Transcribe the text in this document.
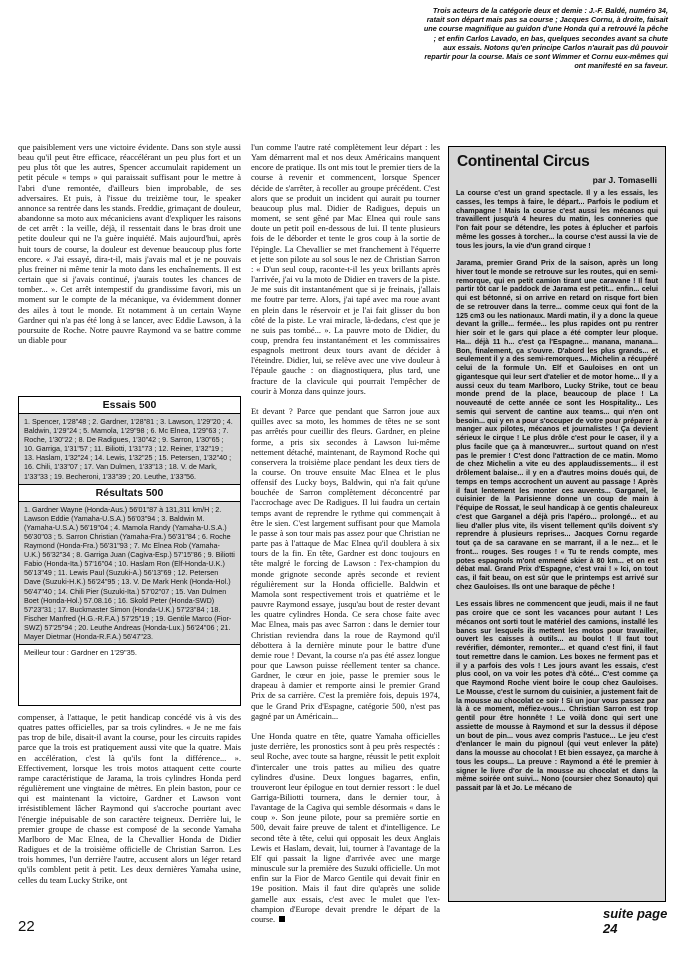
Trois acteurs de la catégorie deux et demie : J.-F. Baldé, numéro 34, ratait son départ mais pas sa course ; Jacques Cornu, à droite, faisait une course magnifique au guidon d'une Honda qui a retrouvé la pêche ; et enfin Carlos Lavado, en bas, quelques secondes avant sa chute aux essais. Notons qu'en principe Carlos n'aurait pas dû pouvoir repartir pour la course. Mais ce sont Wimmer et Cornu eux-mêmes qui ont manifesté en sa faveur.

que paisiblement vers une victoire évidente. Dans son style aussi beau qu'il peut être efficace, réaccélérant un peu plus fort et un peu plus tôt que les autres, Spencer accumulait rapidement un petit pécule « temps » qui paraissait suffisant pour le mettre à l'abri d'une remontée, d'ailleurs bien improbable, de ses adversaires. Et puis, à l'issue du treizième tour, le speaker annonce sa rentrée dans les stands. Freddie, grimaçant de douleur, abandonne sa moto aux mécaniciens avant d'expliquer les raisons de cet arrêt : la veille, déjà, il ressentait dans le bras droit une petite douleur qui ne l'a guère inquiété. Mais aujourd'hui, après huit tours de course, la douleur est devenue beaucoup plus forte encore. « J'ai essayé, dira-t-il, mais j'avais mal et je ne pouvais plus freiner ni même tenir la moto dans les enchaînements. Il est certain que si j'avais continué, j'aurais toutes les chances de tomber... ». Cet arrêt intempestif du grandissime favori, mis un moment sur le compte de la mécanique, va évidemment donner des ailes à tout le monde. Et notamment à un certain Wayne Gardner qui n'a pas été long à se lancer, avec Eddie Lawson, à la poursuite de Roche. Notre pauvre Raymond va se battre comme un diable pour

Essais 500
1. Spencer, 1'28"48 ; 2. Gardner, 1'28"81 ; 3. Lawson, 1'29"20 ; 4. Baldwin, 1'29"24 ; 5. Mamola, 1'29"98 ; 6. Mc Elnea, 1'29"63 ; 7. Roche, 1'30"22 ; 8. De Radigues, 1'30"42 ; 9. Sarron, 1'30"65 ; 10. Garriga, 1'31"57 ; 11. Biliotti, 1'31"73 ; 12. Reiner, 1'32"19 ; 13. Haslam, 1'32"24 ; 14. Lewis, 1'32"25 ; 15. Petersen, 1'32"40 ; 16. Chili, 1'33"07 ; 17. Van Dulmen, 1'33"13 ; 18. V. de Mark, 1'33"33 ; 19. Becheroni, 1'33"39 ; 20. Leuthe, 1'33"56.
Résultats 500
1. Gardner Wayne (Honda-Aus.) 56'01"87 à 131,311 km/H ; 2. Lawson Eddie (Yamaha-U.S.A.) 56'03"94 ; 3. Baldwin M. (Yamaha-U.S.A.) 56'19"04 ; 4. Mamola Randy (Yamaha-U.S.A.) 56'30"03 ; 5. Sarron Christian (Yamaha-Fra.) 56'31"84 ; 6. Roche Raymond (Honda-Fra.) 56'31"93 ; 7. Mc Elnea Rob (Yamaha-U.K.) 56'32"34 ; 8. Garriga Juan (Cagiva-Esp.) 57'15"86 ; 9. Biliotti Fabio (Honda-Ita.) 57'16"04 ; 10. Haslam Ron (Elf-Honda-U.K.) 56'13"49 ; 11. Lewis Paul (Suzuki-A.) 56'13"69 ; 12. Petersen Dave (Suzuki-H.K.) 56'24"95 ; 13. V. De Mark Henk (Honda-Hol.) 56'47"40 ; 14. Chili Pier (Suzuki-Ita.) 57'02"07 ; 15. Van Dulmen Boet (Honda-Hol.) 57.08.16 ; 16. Skold Peter (Honda-SWD) 57'23"31 ; 17. Buckmaster Simon (Honda-U.K.) 57'23"84 ; 18. Fischer Manfred (H.G.-R.F.A.) 57'25"19 ; 19. Gentile Marco (Fior-SWZ) 57'25"94 ; 20. Leuthe Andreas (Honda-Lux.) 56'24"06 ; 21. Mayer Dietmar (Honda-R.F.A.) 56'47"23.
Meilleur tour : Gardner en 1'29"35.

compenser, à l'attaque, le petit handicap concédé vis à vis des quatres pattes officielles, par sa trois cylindres. « Je ne me fais pas trop de bile, disait-il avant la course, pour les circuits rapides parce que la trois est pratiquement aussi vite que la quatre. Mais en accélération, c'est là qu'ils font la différence... ». Effectivement, lorsque les trois motos attaquent cette courte rampe caractéristique de Jarama, la trois cylindres Honda perd régulièrement une vingtaine de mètres. En plein baston, pour ce qui est maintenant la victoire, Gardner et Lawson vont irrésistiblement lâcher Raymond qui s'accroche pourtant avec l'énergie inépuisable de son caractère teigneux. Derrière lui, le premier groupe de chasse est composé de la seconde Yamaha Marlboro de Mac Elnea, de la Chevallier Honda de Didier Radigues et de la troisième officielle de Christian Sarron. Les trois hommes, l'un derrière l'autre, accusent alors un léger retard qu'ils comblent petit à petit. Les deux dernières Yamaha usine, celles du team Lucky Strike, ont

l'un comme l'autre raté complètement leur départ : les Yam démarrent mal et nos deux Américains manquent encore de pratique. Ils ont mis tout le premier tiers de la course à revenir et commencent, lorsque Spencer décide de s'arrêter, à recoller au groupe précédent. C'est alors que se produit un incident qui aurait pu tourner beaucoup plus mal. Didier de Radigues, depuis un moment, se sent gêné par Mac Elnea qui roule sans doute un petit poil en-dessous de lui. Il tente plusieurs fois de le déborder et tente le gros coup à la sortie de l'épingle. La Chevallier se met franchement à l'équerre et jette son pilote au sol sous le nez de Christian Sarron : « D'un seul coup, raconte-t-il les yeux brillants après l'arrivée, j'ai vu la moto de Didier en travers de la piste. Je me suis dit instantanément que si je freinais, j'allais me foutre par terre. Alors, j'ai tapé avec ma roue avant en plein dans le réservoir et je l'ai fait glisser du bon côté de la piste. Le vrai miracle, là-dedans, c'est que je ne suis pas tombé... ». La pauvre moto de Didier, du coup, prendra feu instantanément et les commissaires espagnols mettront deux tours avant de décider à l'éteindre. Didier, lui, se relève avec une vive douleur à l'épaule gauche : on diagnostiquera, plus tard, une fracture de la clavicule qui pourrait l'empêcher de courir à Monza dans quinze jours.

Et devant ? Parce que pendant que Sarron joue aux quilles avec sa moto, les hommes de têtes ne se sont pas arrêtés pour cueillir des fleurs. Gardner, en pleine forme, a pris six secondes à Lawson lui-même nettement détaché, maintenant, de Raymond Roche qui conservera la troisième place pendant les deux tiers de la course. On trouve ensuite Mac Elnea et le plus offensif des Lucky boys, Baldwin, qui n'a fait qu'une bouchée de Sarron complètement déconcentré par l'accrochage avec De Radigues. Il lui faudra un certain temps avant de reprendre le rythme qui commençait à être le sien. C'est largement suffisant pour que Mamola le passe à son tour mais pas assez pour que Christian ne parte pas à l'attaque de Mac Elnea qu'il doublera à six tours de la fin. En tête, Gardner est donc toujours en tête malgré le forcing de Lawson : l'ex-champion du monde grignote seconde après seconde et revient régulièrement sur la Honda officielle. Baldwin et Mamola sont respectivement trois et quatrième et le pauvre Raymond essaye, jusqu'au bout de rester devant les quatre cylindres Honda. Ce sera chose faite avec Mac Elnea, mais pas avec Sarron : dans le dernier tour Christian reviendra dans la roue de Raymond qu'il débottera à la dernière minute pour le battre d'une demie roue ! Devant, la course n'a pas été assez longue pour que Lawson puisse réellement tenter sa chance. Gardner, le cœur en joie, passe le premier sous le drapeau à damier et remporte ainsi le premier Grand Prix de sa carrière. C'est la première fois, depuis 1974, que le Grand Prix d'Espagne, catégorie 500, n'est pas gagné par un Américain...

Une Honda quatre en tête, quatre Yamaha officielles juste derrière, les pronostics sont à peu près respectés : seul Roche, avec toute sa hargne, réussit le petit exploit d'intercaler une trois pattes au milieu des quatre cylindres d'usine. Deux longues bagarres, enfin, trouveront leur épilogue en tout dernier ressort : le duel Garriga-Biliotti tournera, dans le dernier tour, à l'avantage de la Cagiva qui semble désormais « dans le coup ». Son jeune pilote, pour sa première sortie en 500, devait faire preuve de talent et d'intelligence. Le second tête à tête, celui qui opposait les deux Anglais Lewis et Haslam, devait, lui, tourner à l'avantage de la Elf qui passait la ligne d'arrivée avec une marge minuscule sur la première des Suzuki officielle. Un mot enfin sur la Fior de Marco Gentile qui devait finir en 19e position. Mais il faut dire qu'après une solide gamelle aux essais, c'est avec le mulet que l'ex-champion d'Europe devait prendre le départ de la course.

Continental Circus
par J. Tomaselli

La course c'est un grand spectacle. Il y a les essais, les casses, les temps à faire, le départ... Parfois le podium et champagne ! Mais la course c'est aussi les mécanos qui travaillent jusqu'à 4 heures du matin, les conneries que l'on fait pour se détendre, les potes à éplucher et parfois même les gosses à torcher... la course c'est aussi la vie de tous les jours, la vie d'un grand cirque !

Jarama, premier Grand Prix de la saison, après un long hiver tout le monde se retrouve sur les routes, qui en semi-remorque, qui en petit camion tirant une caravane ! Il faut partir tôt car le paddock de Jarama est petit... enfin... celui qui est bétonné, si on arrive en retard on risque fort bien de se retrouver dans la terre... comme ceux qui font de la 125 cm3 ou les nationaux. Mardi matin, il y a donc la queue devant la grille... fermée... les plus rapides ont pu rentrer hier soir et le gars qui place a été compter leur ploque. Ha... déjà 11 h... c'est ça l'Espagne... manana, manana... Bon, finalement, ça s'ouvre. D'abord les plus grands... et seulement il y a des semi-remorques... Michelin a récupéré celui de la formule Un. Elf et Gauloises en ont un gigantesque qui leur sert d'atelier et de motor home... Il y a aussi ceux du team Marlboro, Lucky Strike, tout ce beau monde prend de la place, beaucoup de place ! La nouveauté de cette année ce sont les Hospitality... Les semis qui servent de cantine aux teams... qui n'en ont besoin... qui y en a pour s'occuper de votre pour préparer à manger aux pilotes, mécanos et journalistes ! Ça devient sérieux le cirque ! Le plus drôle c'est pour le caser, il y a plus facile que ça à manœuvrer... surtout quand on n'est pas le premier ! C'est donc l'attraction de ce matin. Momo de chez Michelin a vite eu des applaudissements... il est drôlement balaise... il y en a d'autres moins doués qui, de temps en temps accrochent un auvent au passage ! Après il faut lentement les monter ces auvents... Garganel, le cuisinier de la Parisienne donne un coup de main à l'équipe de Rossat, le seul handicap à ce gentis chaleureux c'est que Garganel a déjà pris l'apéro... prolongé... et au lieu d'aller plus vite, ils visent tellement qu'ils doivent s'y reprendre à plusieurs reprises... Jacques Cornu regarde tout ça de sa caravane en se marrant, il a le nez... et le front... rouges. Ses rouges ! « Tu te rends compte, mes potes espagnols m'ont emmené skier à 80 km... et on est débat mal. Grand Prix d'Espagne, c'est vrai ! » Ici, on tout cas, il fait beau, on est sûr que le printemps est arrivé sur chez Gauloises. Ils ont une baraque de pêche !

Les essais libres ne commencent que jeudi, mais il ne faut pas croire que ce sont les vacances pour autant ! Les mécanos ont sorti tout le matériel des camions, installé les bancs sur lesquels ils mettent les motos pour travailler, ouvert les caisses à outils... au boulot ! Il faut tout revérifier, démonter, remonter... et quand c'est fini, il faut tout remettre dans le camion. Les boxes ne ferment pas et il y a parfois des vols ! Les jours avant les essais, c'est plus cool, on va voir les potes d'à côté... C'est comme ça que Raymond Roche vient boire le coup chez Gauloises. Le Mousse, c'est le surnom du cuisinier, a justement fait de la mousse au chocolat ce soir ! Si un jour vous passez par là à ce moment, méfiez-vous... Christian Sarron est trop gentil pour être honnête ! Le voilà donc qui sert une assiette de mousse à Raymond et sur la dessus il dépose un bout de pin... vous avez compris l'astuce... Le jeu c'est d'enlancer le main du pignoul (qui veut enlever la pâte) dans la mousse au chocolat ! Et bien essayez, ça marche à tous les coups... La preuve : Raymond a été le premier à signer le livre d'or de la mousse au chocolat et dans la même soirée ont suivi... Nono (coursier chez Sonauto) qui passait par là et Jo. Le mécano de

suite page 24
22
